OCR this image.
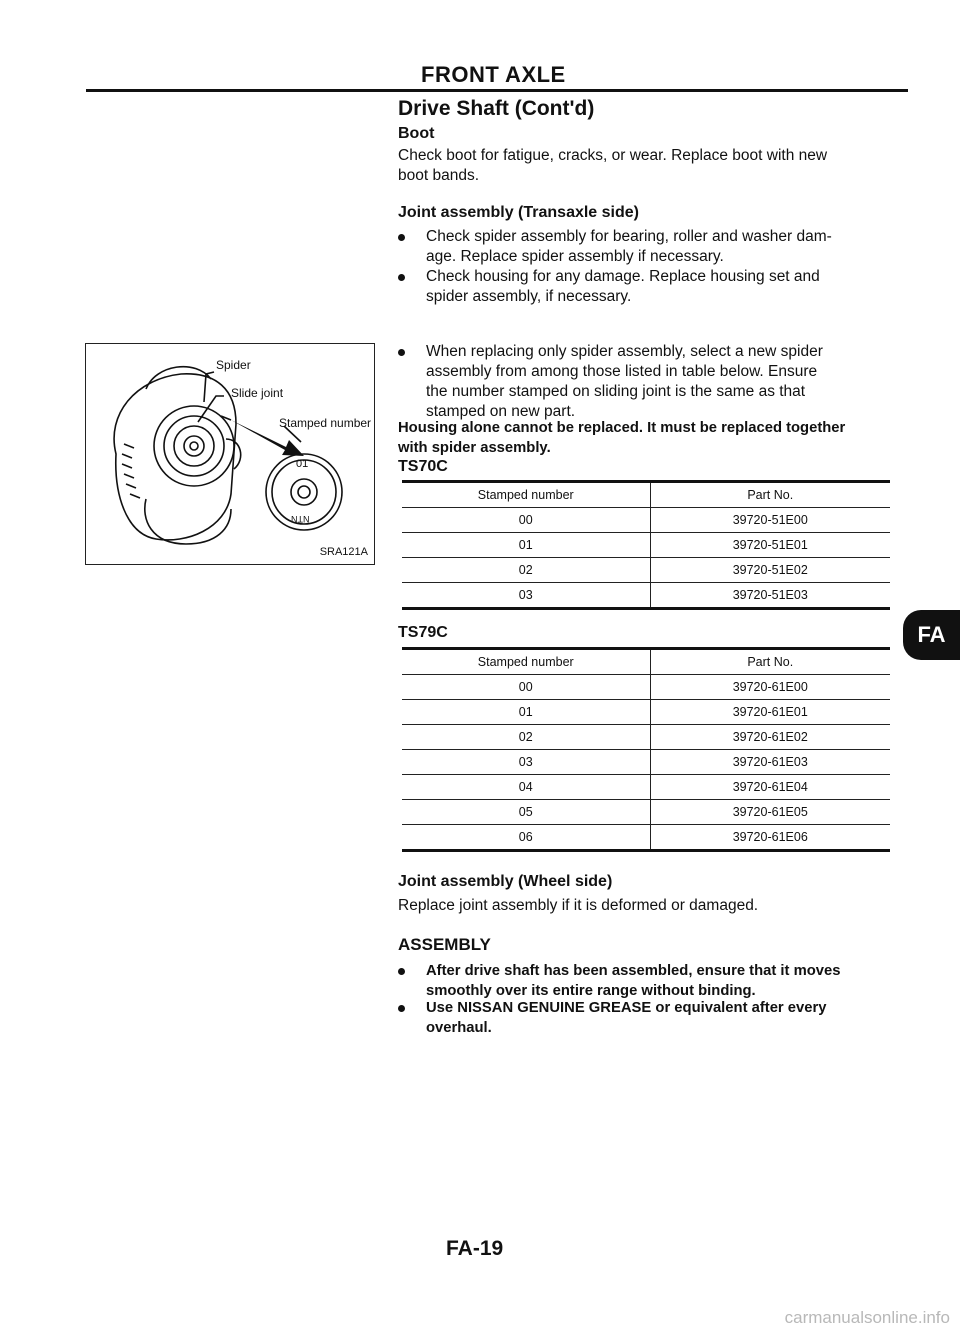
FRONT AXLE
Drive Shaft (Cont'd)
Boot
Check boot for fatigue, cracks, or wear. Replace boot with new
boot bands.
Joint assembly (Transaxle side)
Check spider assembly for bearing, roller and washer dam-
age. Replace spider assembly if necessary.
Check housing for any damage. Replace housing set and
spider assembly, if necessary.
When replacing only spider assembly, select a new spider
assembly from among those listed in table below. Ensure
the number stamped on sliding joint is the same as that
stamped on new part.
Housing alone cannot be replaced. It must be replaced together
with spider assembly.
Spider
Slide joint
Stamped number
01
NTN
SRA121A
TS70C
Stamped number	Part No.
00	39720-51E00
01	39720-51E01
02	39720-51E02
03	39720-51E03
TS79C
Stamped number	Part No.
00	39720-61E00
01	39720-61E01
02	39720-61E02
03	39720-61E03
04	39720-61E04
05	39720-61E05
06	39720-61E06
Joint assembly (Wheel side)
Replace joint assembly if it is deformed or damaged.
ASSEMBLY
After drive shaft has been assembled, ensure that it moves
smoothly over its entire range without binding.
Use NISSAN GENUINE GREASE or equivalent after every
overhaul.
FA
FA-19
carmanualsonline.info
